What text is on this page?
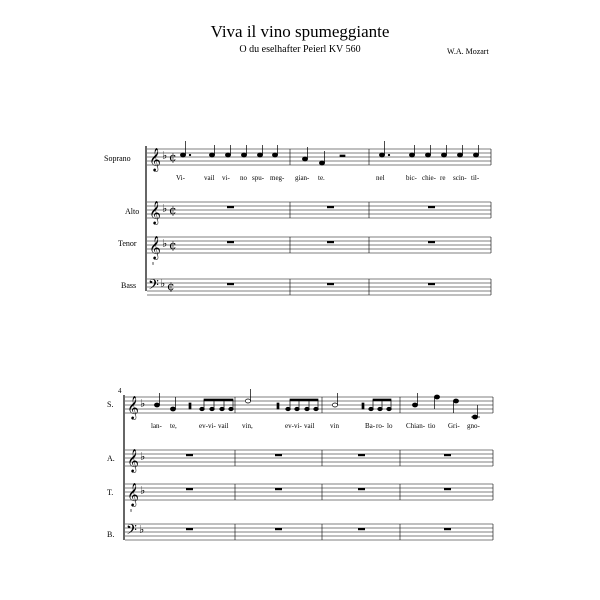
Viva il vino spumeggiante
O du eselhafter Peierl KV 560	W.A. Mozart
Soprano
Alto
Tenor
Bass
𝄞 ♭ ¢
Vi-	vail vi- no spu- meg- gian- te.	nel	bic- chie- re scin- til-
𝄞 ♭ ¢
𝄞
8
♭ ¢
𝄢 ♭ ¢
4
S.
A.
T.
B.
𝄞 ♭
lan- te,	ev- vi- vail vin,	ev- vi- vail vin	Ba- ro- lo Chian- tio Gri- gno-
𝄞 ♭
𝄞
8
♭
𝄢 ♭
